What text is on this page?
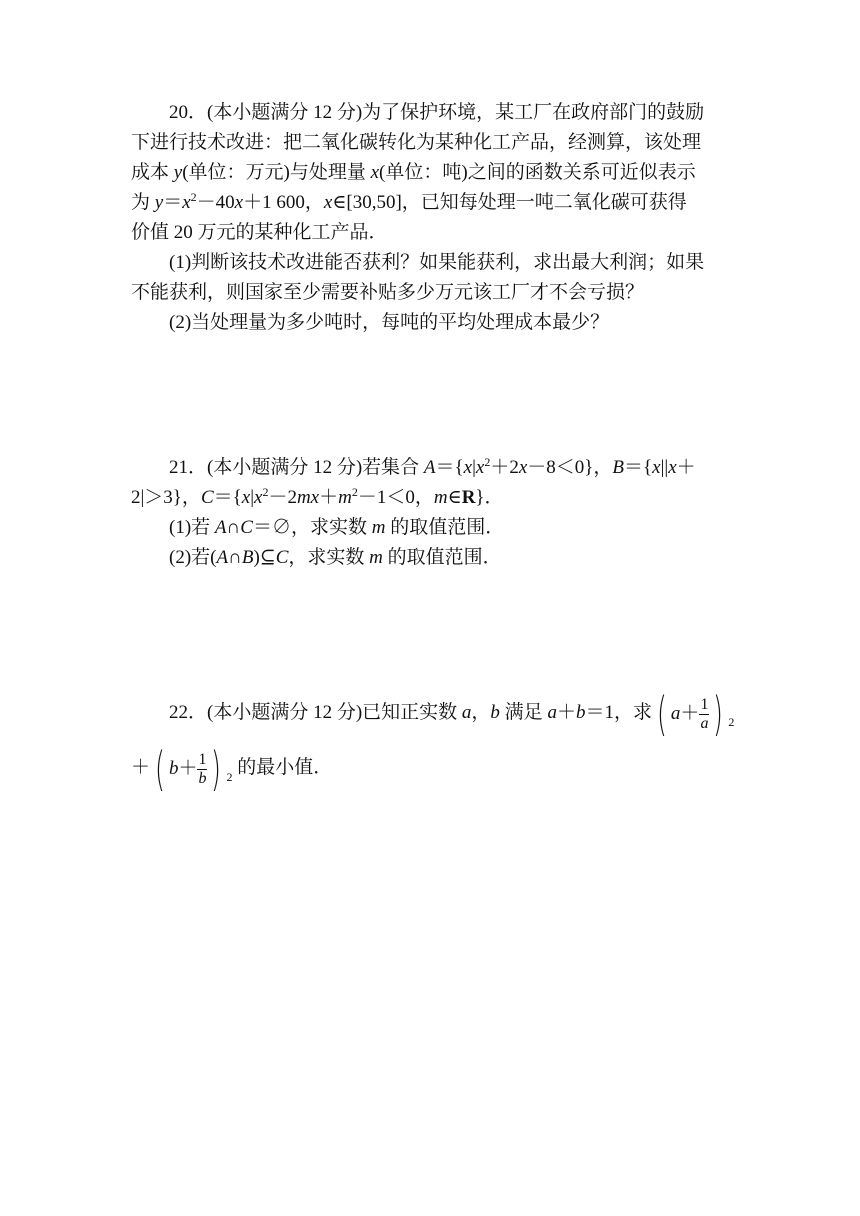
20．(本小题满分 12 分)为了保护环境，某工厂在政府部门的鼓励
下进行技术改进：把二氧化碳转化为某种化工产品，经测算，该处理
成本 y(单位：万元)与处理量 x(单位：吨)之间的函数关系可近似表示
为 $y=x^2-40x+1$ 600，x∈[30,50]，已知每处理一吨二氧化碳可获得
价值 20 万元的某种化工产品．
(1)判断该技术改进能否获利？如果能获利，求出最大利润；如果
不能获利，则国家至少需要补贴多少万元该工厂才不会亏损？
(2)当处理量为多少吨时，每吨的平均处理成本最少？
21．(本小题满分 12 分)若集合 $A=\{x|x^2+2x-8<0\}$，B＝{x||x＋
2|＞3}，$C=\{x|x^2-2mx+m^2-1<0$，m∈R}．
(1)若 A∩C＝∅，求实数 m 的取值范围．
(2)若(A∩B)⊆C，求实数 m 的取值范围．
22．(本小题满分 12 分)已知正实数 a，b 满足 a＋b＝1，求 ( $a+ \frac{1}{a}$ ) $_2$
＋ ( $b+ \frac{1}{b}$ ) $_2$ 的最小值．
